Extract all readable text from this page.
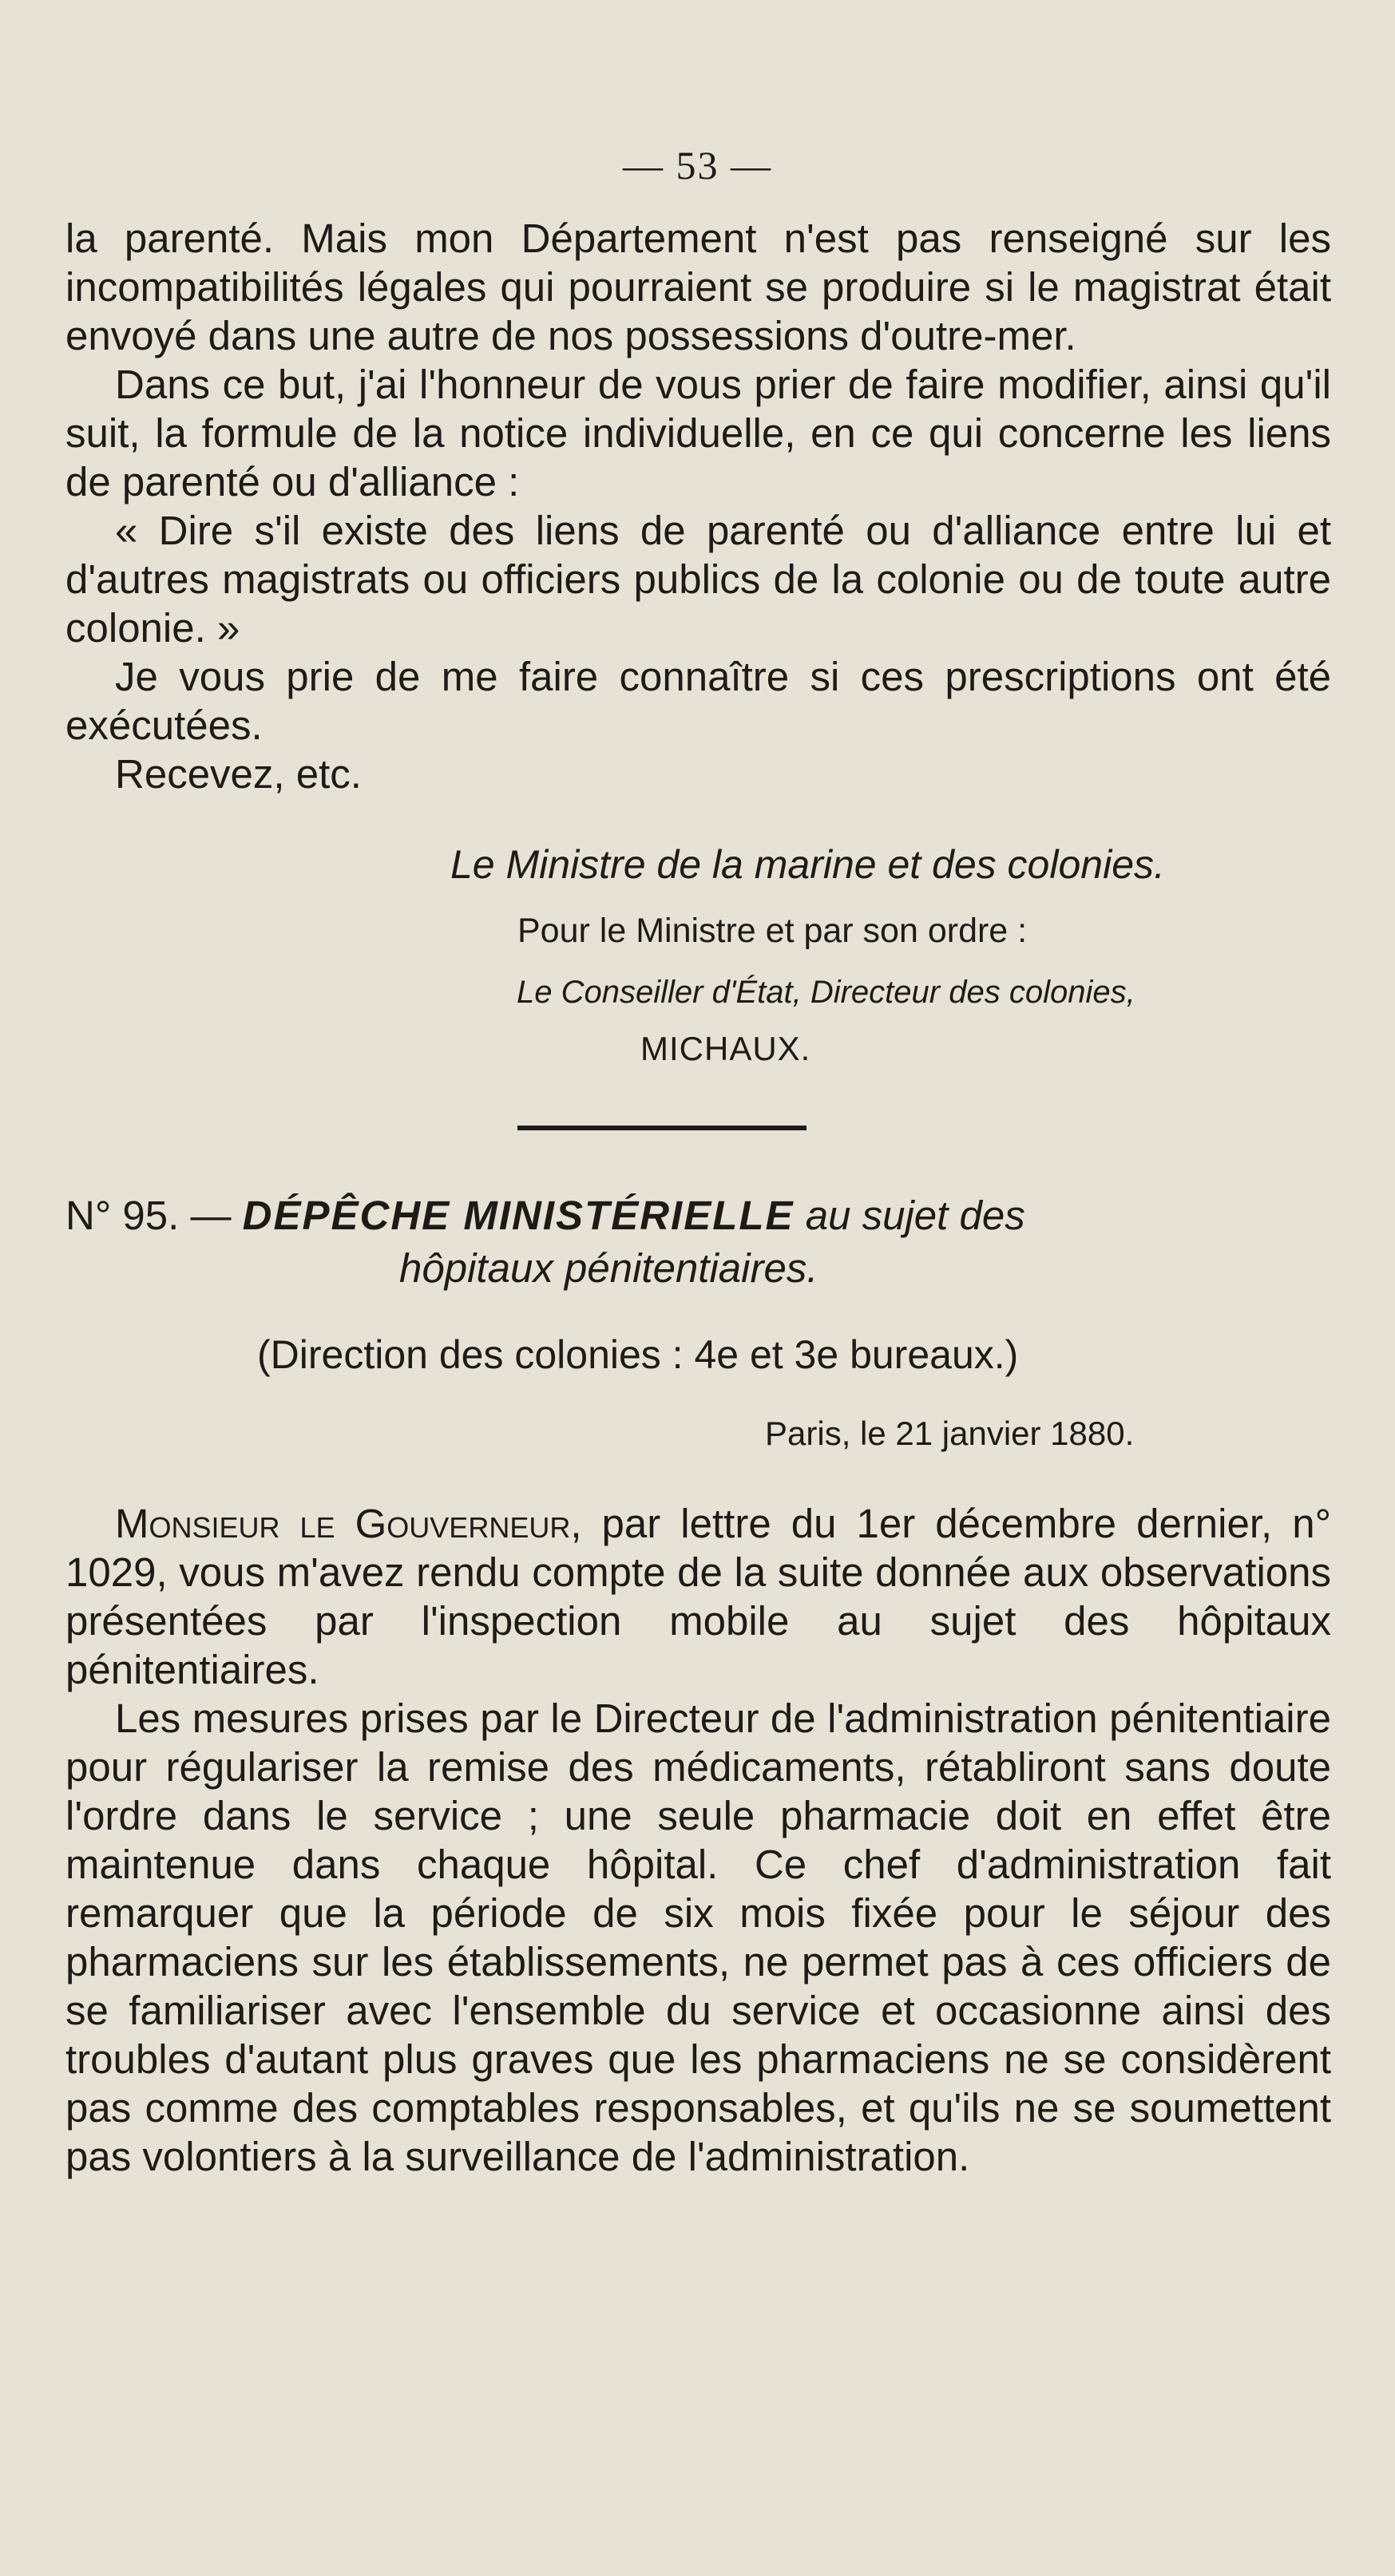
— 53 —

la parenté. Mais mon Département n'est pas renseigné sur les incompatibilités légales qui pourraient se produire si le magistrat était envoyé dans une autre de nos possessions d'outre-mer.

Dans ce but, j'ai l'honneur de vous prier de faire modifier, ainsi qu'il suit, la formule de la notice individuelle, en ce qui concerne les liens de parenté ou d'alliance :

« Dire s'il existe des liens de parenté ou d'alliance entre lui et d'autres magistrats ou officiers publics de la colonie ou de toute autre colonie. »

Je vous prie de me faire connaître si ces prescriptions ont été exécutées.

Recevez, etc.

Le Ministre de la marine et des colonies.

Pour le Ministre et par son ordre :

Le Conseiller d'État, Directeur des colonies,

MICHAUX.

N° 95. — DÉPÊCHE MINISTÉRIELLE au sujet des
hôpitaux pénitentiaires.

(Direction des colonies : 4e et 3e bureaux.)

Paris, le 21 janvier 1880.

Monsieur le Gouverneur, par lettre du 1er décembre dernier, n° 1029, vous m'avez rendu compte de la suite donnée aux observations présentées par l'inspection mobile au sujet des hôpitaux pénitentiaires.

Les mesures prises par le Directeur de l'administration pénitentiaire pour régulariser la remise des médicaments, rétabliront sans doute l'ordre dans le service ; une seule pharmacie doit en effet être maintenue dans chaque hôpital. Ce chef d'administration fait remarquer que la période de six mois fixée pour le séjour des pharmaciens sur les établissements, ne permet pas à ces officiers de se familiariser avec l'ensemble du service et occasionne ainsi des troubles d'autant plus graves que les pharmaciens ne se considèrent pas comme des comptables responsables, et qu'ils ne se soumettent pas volontiers à la surveillance de l'administration.
